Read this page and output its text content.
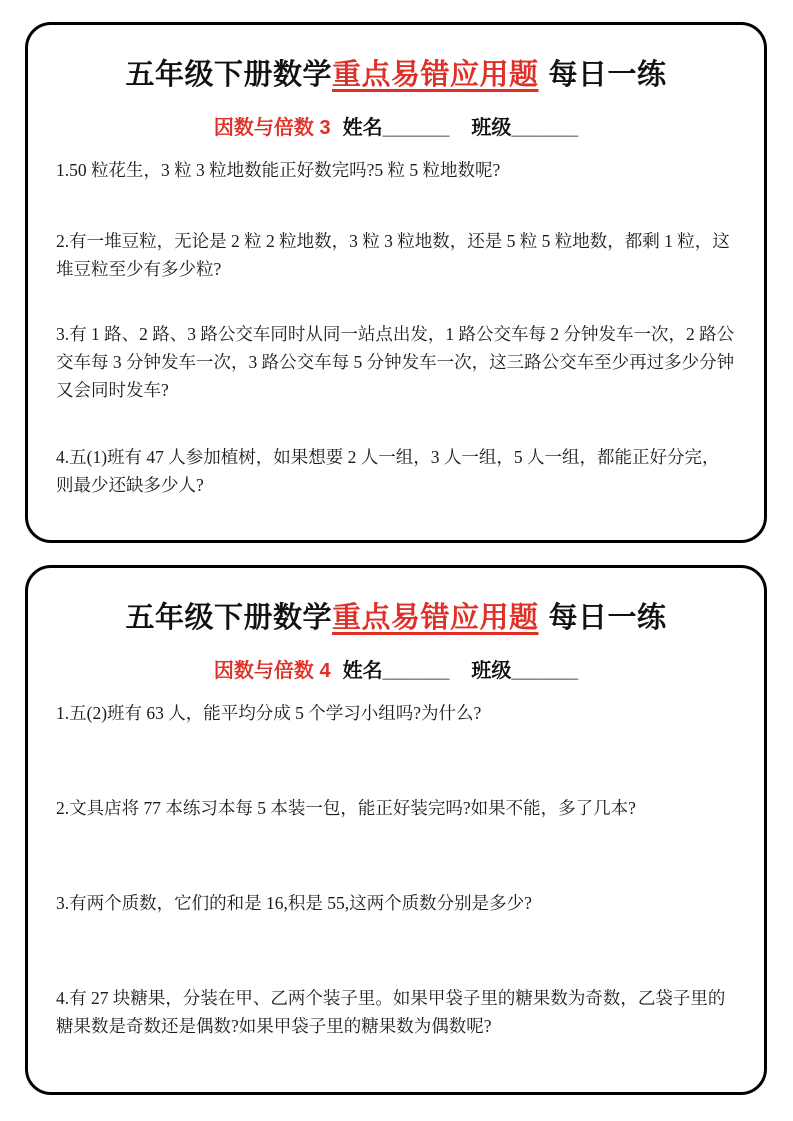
五年级下册数学重点易错应用题 每日一练
因数与倍数 3 姓名______ 班级______

1.50 粒花生，3 粒 3 粒地数能正好数完吗?5 粒 5 粒地数呢?

2.有一堆豆粒，无论是 2 粒 2 粒地数，3 粒 3 粒地数，还是 5 粒 5 粒地数，都剩 1 粒，这堆豆粒至少有多少粒?

3.有 1 路、2 路、3 路公交车同时从同一站点出发，1 路公交车每 2 分钟发车一次，2 路公交车每 3 分钟发车一次，3 路公交车每 5 分钟发车一次，这三路公交车至少再过多少分钟又会同时发车?

4.五(1)班有 47 人参加植树，如果想要 2 人一组，3 人一组，5 人一组，都能正好分完，则最少还缺多少人?

五年级下册数学重点易错应用题 每日一练
因数与倍数 4 姓名______ 班级______

1.五(2)班有 63 人，能平均分成 5 个学习小组吗?为什么?

2.文具店将 77 本练习本每 5 本装一包，能正好装完吗?如果不能，多了几本?

3.有两个质数，它们的和是 16,积是 55,这两个质数分别是多少?

4.有 27 块糖果，分装在甲、乙两个装子里。如果甲袋子里的糖果数为奇数，乙袋子里的糖果数是奇数还是偶数?如果甲袋子里的糖果数为偶数呢?
